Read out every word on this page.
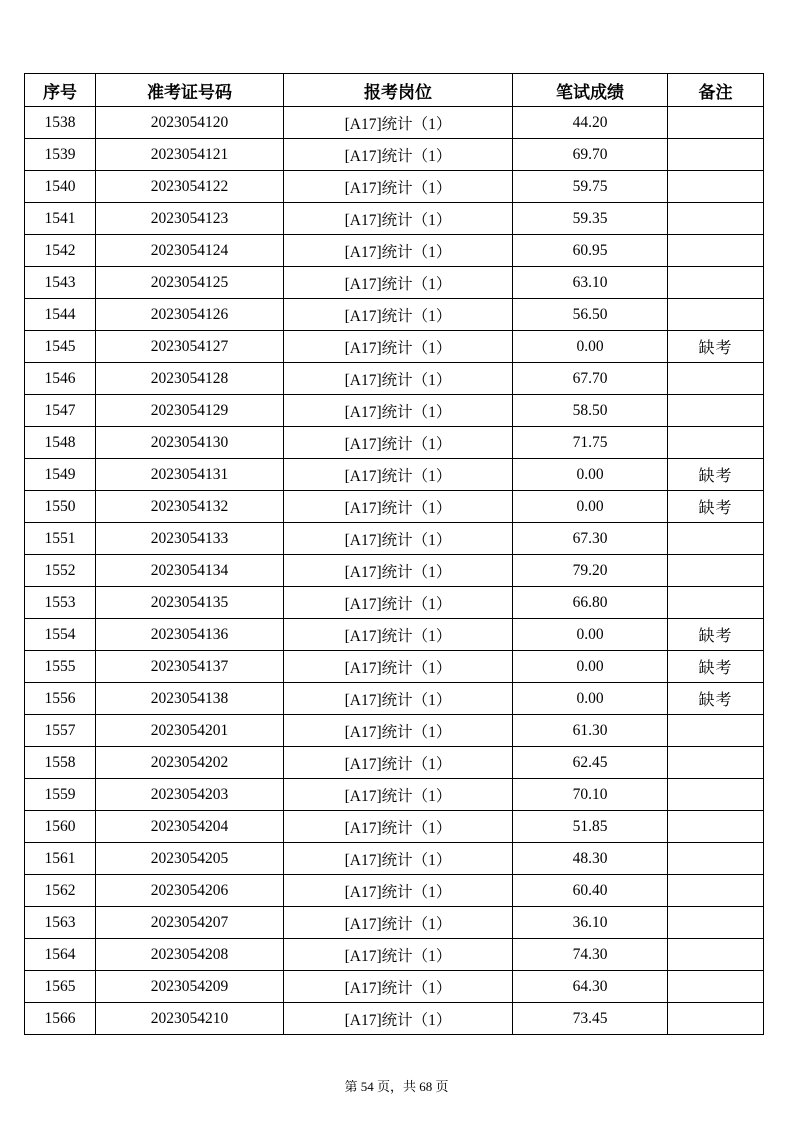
序号	准考证号码	报考岗位	笔试成绩	备注
1538	2023054120	[A17]统计（1）	44.20	
1539	2023054121	[A17]统计（1）	69.70	
1540	2023054122	[A17]统计（1）	59.75	
1541	2023054123	[A17]统计（1）	59.35	
1542	2023054124	[A17]统计（1）	60.95	
1543	2023054125	[A17]统计（1）	63.10	
1544	2023054126	[A17]统计（1）	56.50	
1545	2023054127	[A17]统计（1）	0.00	缺考
1546	2023054128	[A17]统计（1）	67.70	
1547	2023054129	[A17]统计（1）	58.50	
1548	2023054130	[A17]统计（1）	71.75	
1549	2023054131	[A17]统计（1）	0.00	缺考
1550	2023054132	[A17]统计（1）	0.00	缺考
1551	2023054133	[A17]统计（1）	67.30	
1552	2023054134	[A17]统计（1）	79.20	
1553	2023054135	[A17]统计（1）	66.80	
1554	2023054136	[A17]统计（1）	0.00	缺考
1555	2023054137	[A17]统计（1）	0.00	缺考
1556	2023054138	[A17]统计（1）	0.00	缺考
1557	2023054201	[A17]统计（1）	61.30	
1558	2023054202	[A17]统计（1）	62.45	
1559	2023054203	[A17]统计（1）	70.10	
1560	2023054204	[A17]统计（1）	51.85	
1561	2023054205	[A17]统计（1）	48.30	
1562	2023054206	[A17]统计（1）	60.40	
1563	2023054207	[A17]统计（1）	36.10	
1564	2023054208	[A17]统计（1）	74.30	
1565	2023054209	[A17]统计（1）	64.30	
1566	2023054210	[A17]统计（1）	73.45	
第 54 页，共 68 页
